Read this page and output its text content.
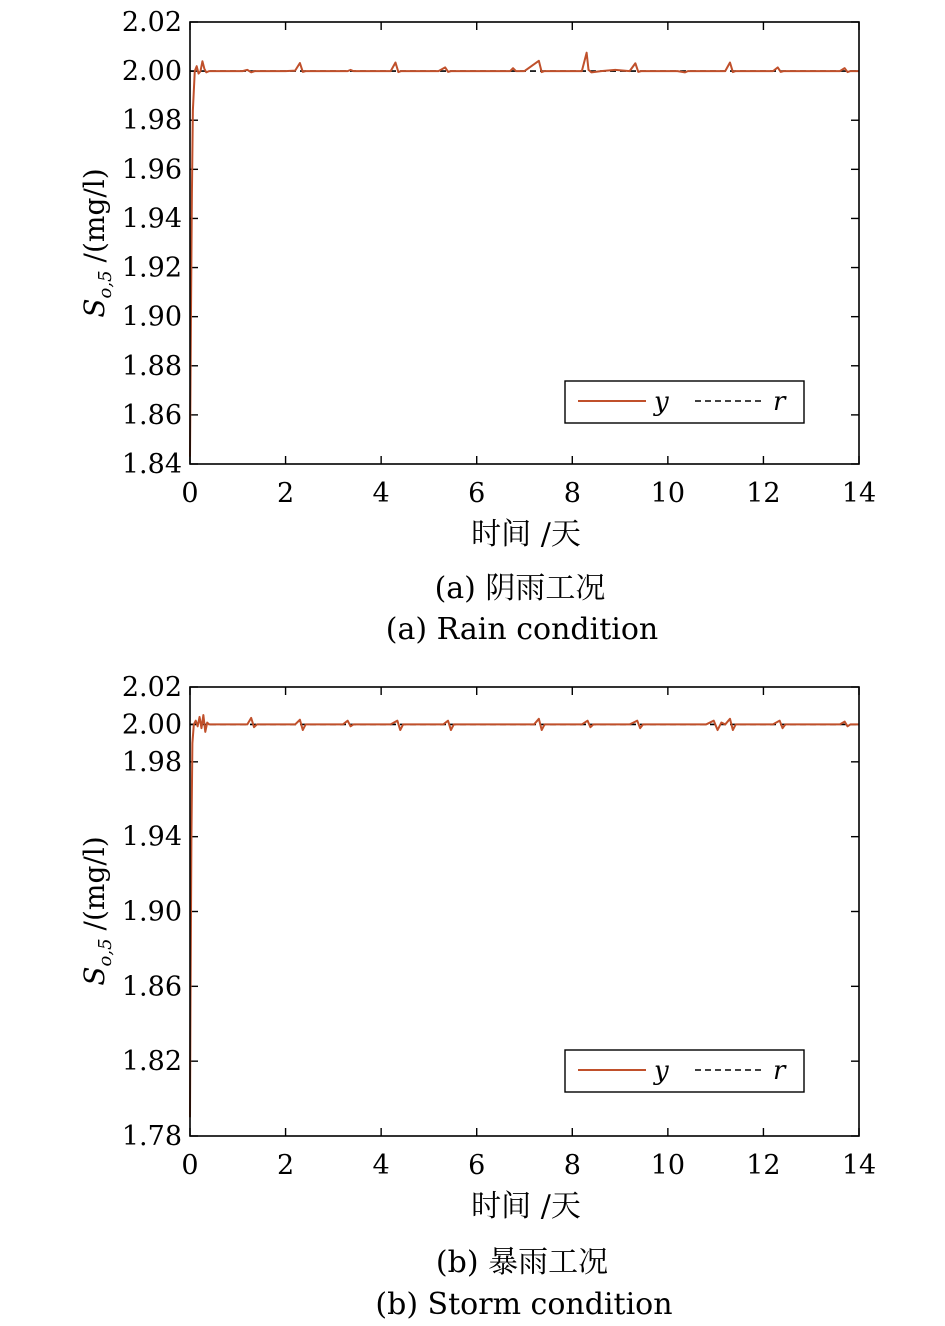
1.84
1.86
1.88
1.90
1.92
1.94
1.96
1.98
2.00
2.02
0	2	4	6	8	10 12 14
$S_{o,5}/(mg/l)$
时间 /天
y	r
(a) 阴雨工况
(a) Rain condition
1.78
1.82
1.86
1.90
1.94
1.98
2.00
2.02
0	2	4	6	8	10 12 14
$S_{o,5}/(mg/l)$
时间 /天
y	r
(b) 暴雨工况
(b) Storm condition
